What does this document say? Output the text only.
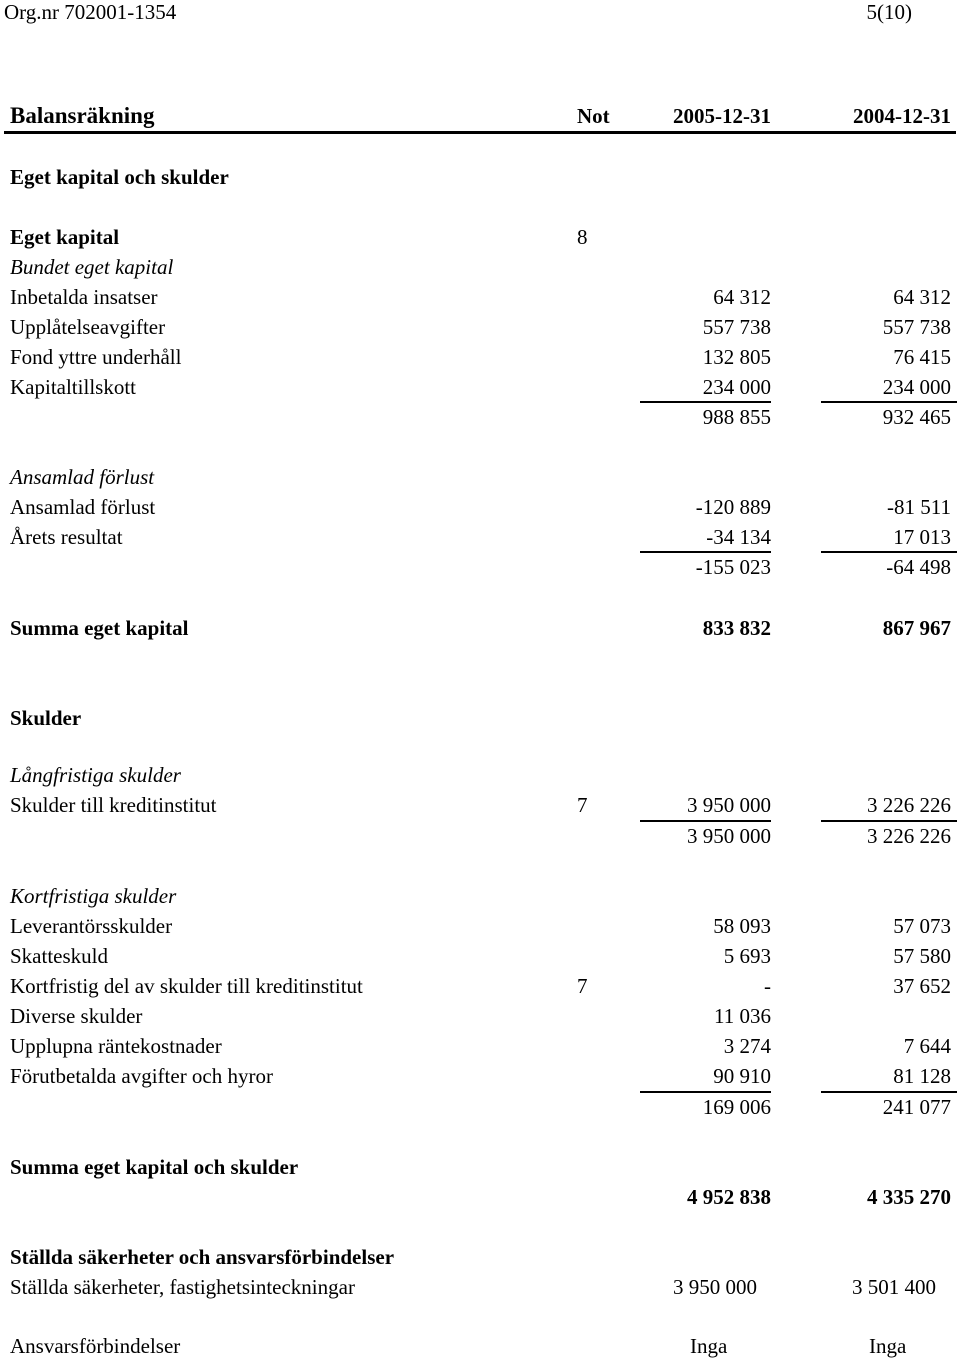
Org.nr 702001-1354	5(10)
Balansräkning	Not	2005-12-31	2004-12-31
Eget kapital och skulder
Eget kapital	8
Bundet eget kapital
Inbetalda insatser	64 312	64 312
Upplåtelseavgifter	557 738	557 738
Fond yttre underhåll	132 805	76 415
Kapitaltillskott	234 000	234 000
988 855	932 465
Ansamlad förlust
Ansamlad förlust	-120 889	-81 511
Årets resultat	-34 134	17 013
-155 023	-64 498
Summa eget kapital	833 832	867 967
Skulder
Långfristiga skulder
Skulder till kreditinstitut	7	3 950 000	3 226 226
3 950 000	3 226 226
Kortfristiga skulder
Leverantörsskulder	58 093	57 073
Skatteskuld	5 693	57 580
Kortfristig del av skulder till kreditinstitut	7	-	37 652
Diverse skulder	11 036
Upplupna räntekostnader	3 274	7 644
Förutbetalda avgifter och hyror	90 910	81 128
169 006	241 077
Summa eget kapital och skulder
4 952 838	4 335 270
Ställda säkerheter och ansvarsförbindelser
Ställda säkerheter, fastighetsinteckningar	3 950 000	3 501 400
Ansvarsförbindelser	Inga	Inga
